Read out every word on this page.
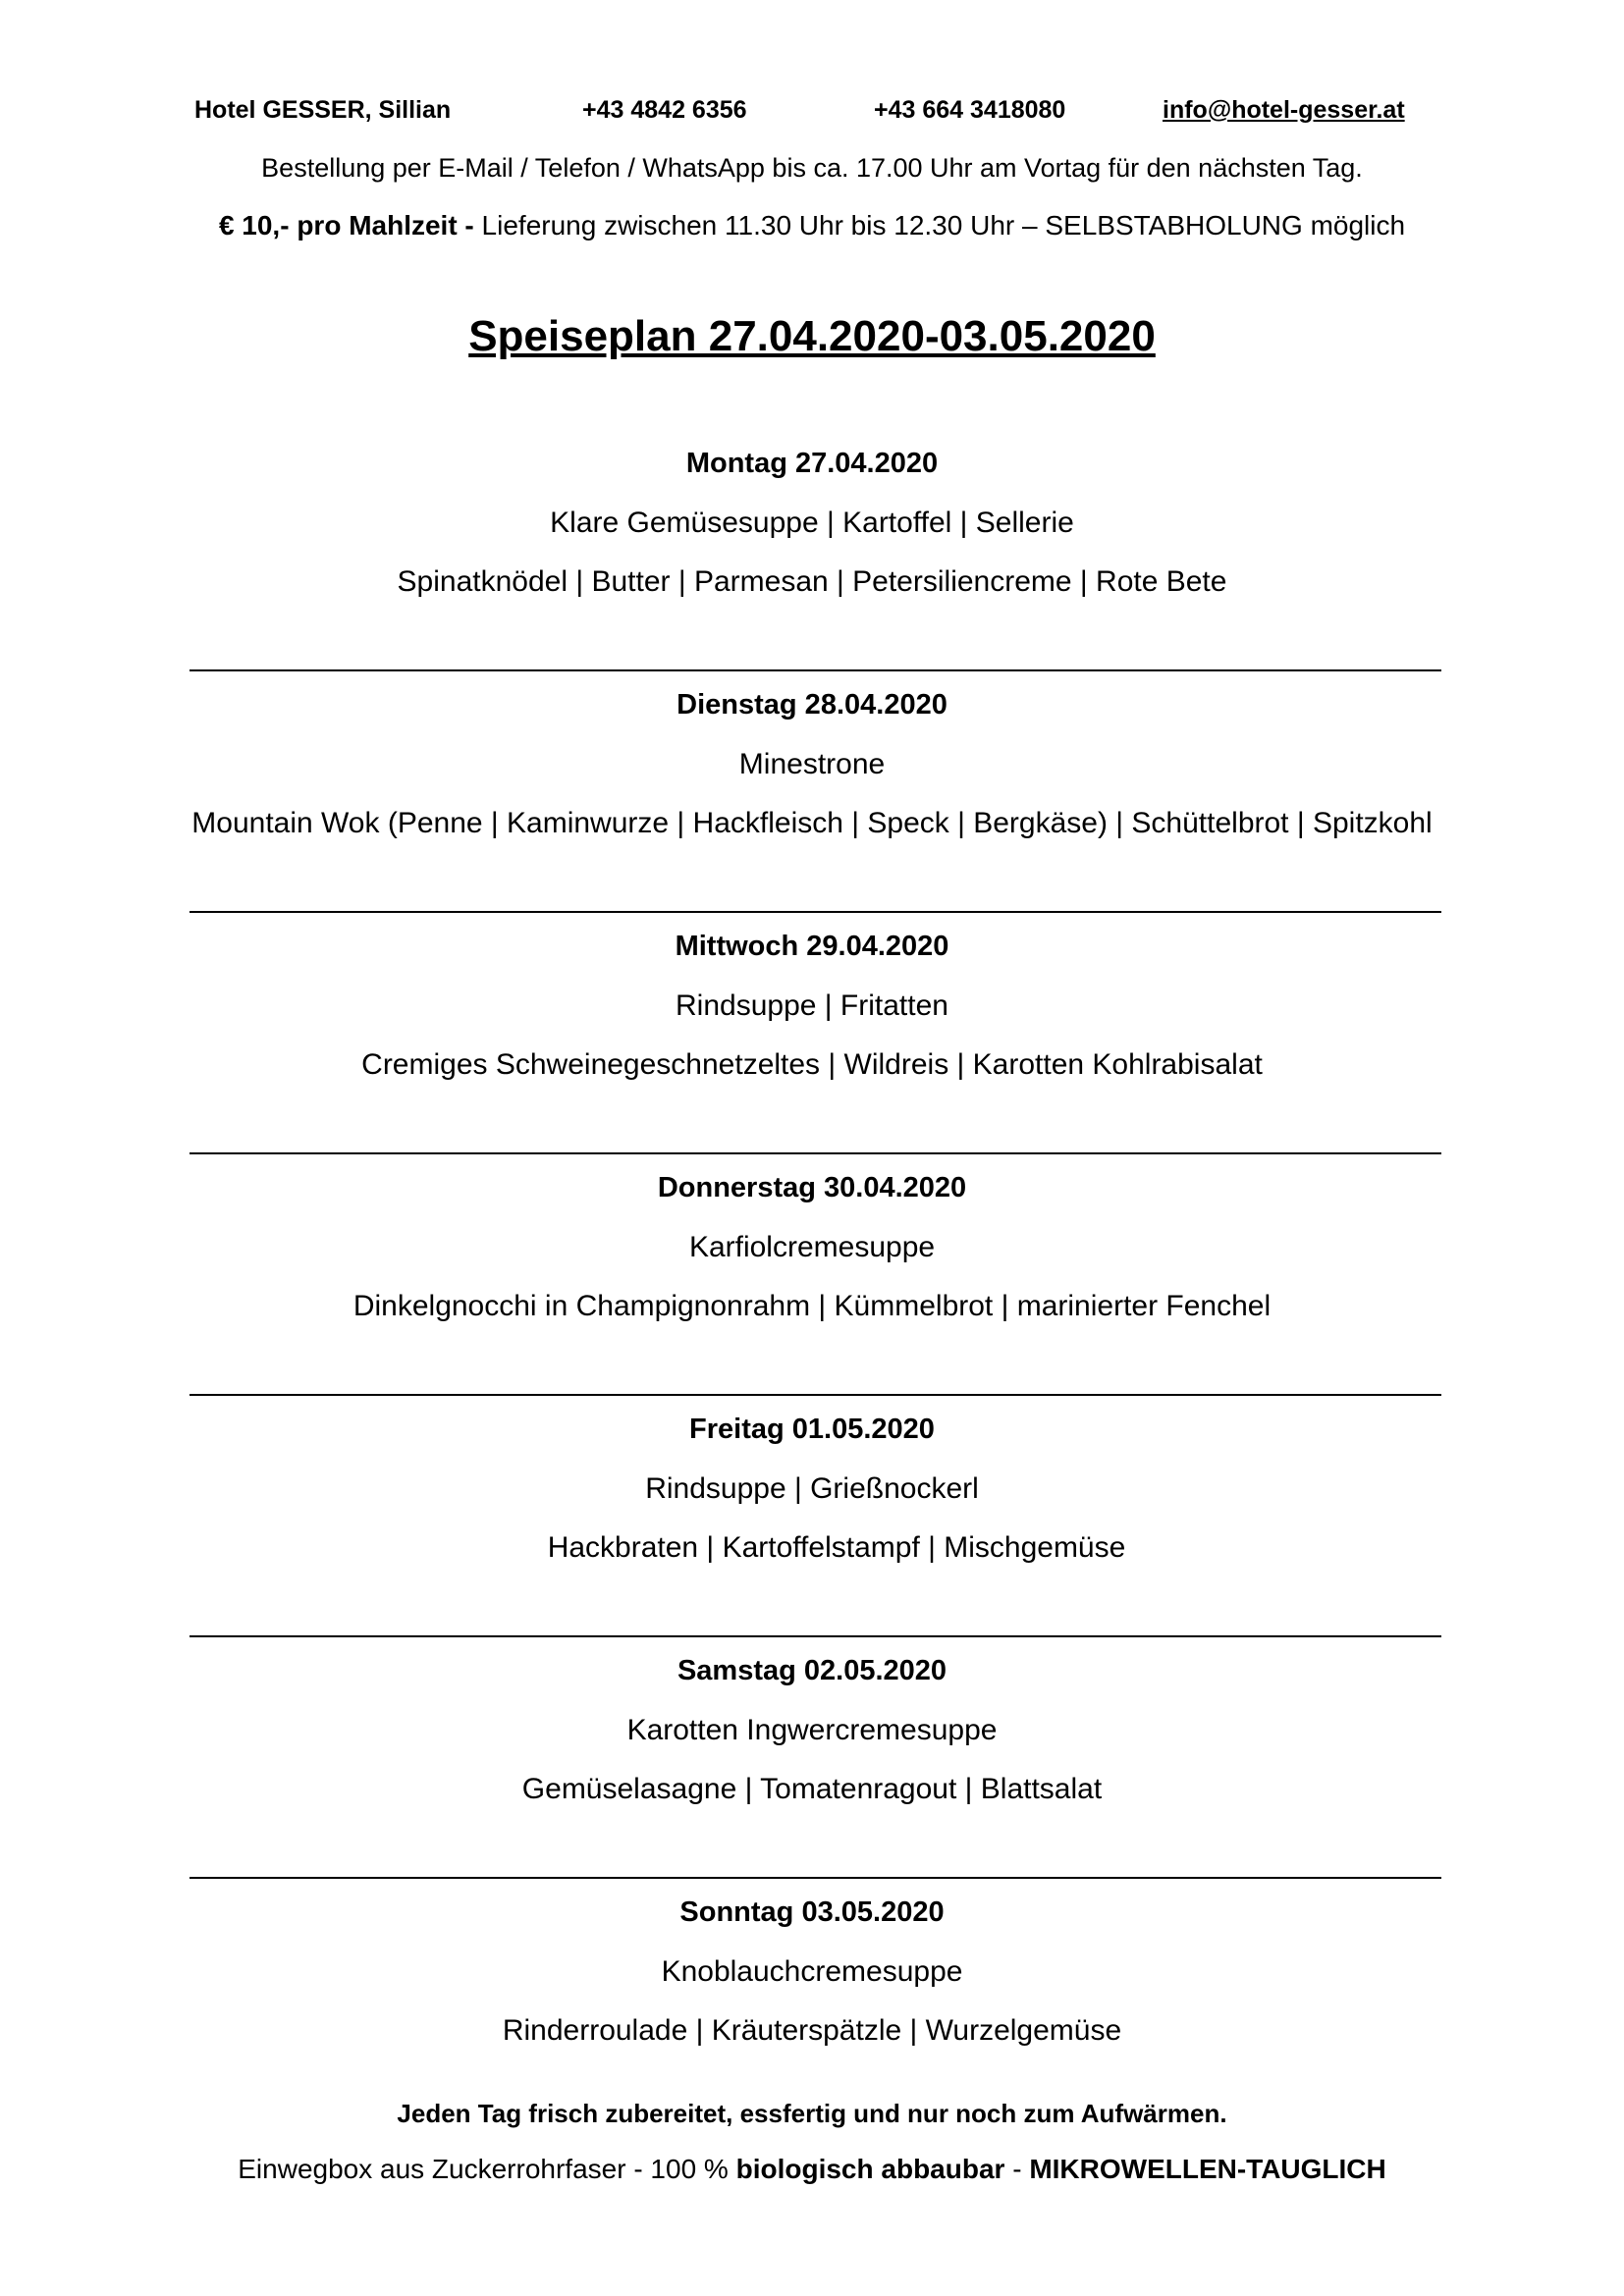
Hotel GESSER, Sillian	+43 4842 6356	+43 664 3418080	info@hotel-gesser.at
Bestellung per E-Mail / Telefon / WhatsApp bis ca. 17.00 Uhr am Vortag für den nächsten Tag.
€ 10,- pro Mahlzeit - Lieferung zwischen 11.30 Uhr bis 12.30 Uhr – SELBSTABHOLUNG möglich
Speiseplan 27.04.2020-03.05.2020
Montag 27.04.2020
Klare Gemüsesuppe | Kartoffel | Sellerie
Spinatknödel | Butter | Parmesan | Petersiliencreme | Rote Bete
Dienstag 28.04.2020
Minestrone
Mountain Wok (Penne | Kaminwurze | Hackfleisch | Speck | Bergkäse) | Schüttelbrot | Spitzkohl
Mittwoch 29.04.2020
Rindsuppe | Fritatten
Cremiges Schweinegeschnetzeltes | Wildreis | Karotten Kohlrabisalat
Donnerstag 30.04.2020
Karfiolcremesuppe
Dinkelgnocchi in Champignonrahm | Kümmelbrot | marinierter Fenchel
Freitag 01.05.2020
Rindsuppe | Grießnockerl
Hackbraten | Kartoffelstampf | Mischgemüse
Samstag 02.05.2020
Karotten Ingwercremesuppe
Gemüselasagne | Tomatenragout | Blattsalat
Sonntag 03.05.2020
Knoblauchcremesuppe
Rinderroulade | Kräuterspätzle | Wurzelgemüse
Jeden Tag frisch zubereitet, essfertig und nur noch zum Aufwärmen.
Einwegbox aus Zuckerrohrfaser - 100 % biologisch abbaubar - MIKROWELLEN-TAUGLICH
